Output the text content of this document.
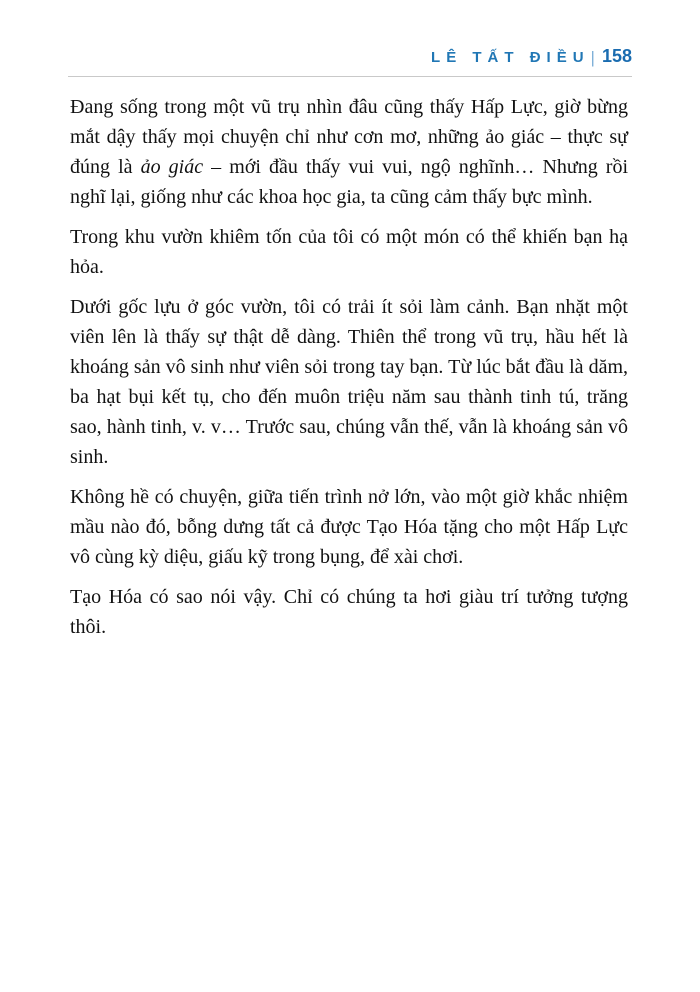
LÊ TẤT ĐIỀU| 158

Đang sống trong một vũ trụ nhìn đâu cũng thấy Hấp Lực, giờ bừng mắt dậy thấy mọi chuyện chỉ như cơn mơ, những ảo giác – thực sự đúng là ảo giác – mới đầu thấy vui vui, ngộ nghĩnh… Nhưng rồi nghĩ lại, giống như các khoa học gia, ta cũng cảm thấy bực mình.

Trong khu vườn khiêm tốn của tôi có một món có thể khiến bạn hạ hỏa.

Dưới gốc lựu ở góc vườn, tôi có trải ít sỏi làm cảnh. Bạn nhặt một viên lên là thấy sự thật dễ dàng. Thiên thể trong vũ trụ, hầu hết là khoáng sản vô sinh như viên sỏi trong tay bạn. Từ lúc bắt đầu là dăm, ba hạt bụi kết tụ, cho đến muôn triệu năm sau thành tinh tú, trăng sao, hành tinh, v. v… Trước sau, chúng vẫn thế, vẫn là khoáng sản vô sinh.

Không hề có chuyện, giữa tiến trình nở lớn, vào một giờ khắc nhiệm mầu nào đó, bỗng dưng tất cả được Tạo Hóa tặng cho một Hấp Lực vô cùng kỳ diệu, giấu kỹ trong bụng, để xài chơi.

Tạo Hóa có sao nói vậy. Chỉ có chúng ta hơi giàu trí tưởng tượng thôi.
